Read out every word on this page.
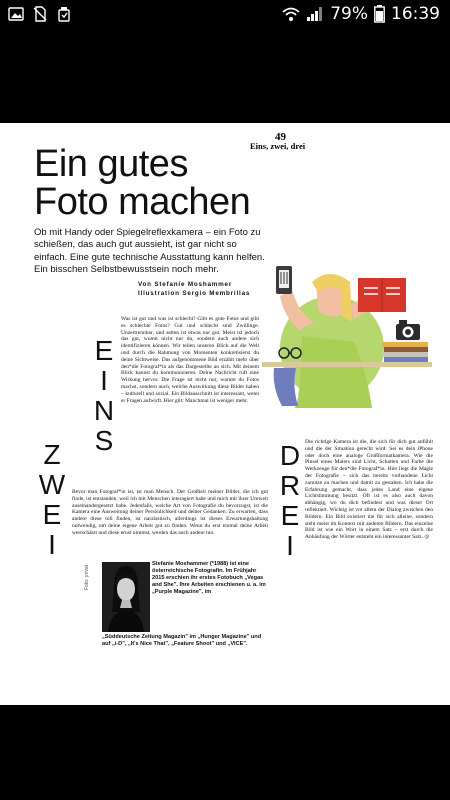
79% 16:39
49
Eins, zwei, drei
Ein gutes
Foto machen

Ob mit Handy oder Spiegelreflexkamera – ein Foto zu schießen, das auch gut aussieht, ist gar nicht so einfach. Eine gute technische Ausstattung kann helfen. Ein bisschen Selbstbewusstsein noch mehr.

Von Stefanie Moshammer
Illustration Sergio Membrillas
E
I
N
S
Z
W
E
I
D
R
E
I

Was ist gut und was ist schlecht? Gibt es gute Fotos und gibt es schlechte Fotos? Gut und schlecht sind Zwillinge. Unzertrennbar, und selten ist etwas nur gut. Meist ist jedoch das gut, womit nicht nur du, sondern auch andere sich identifizieren können. Wir teilen unseren Blick auf die Welt und durch die Rahmung von Momenten konkretisierst du deine Sichtweise. Das aufgenommene Bild erzählt mehr über den*die Fotograf*in als das Dargestellte an sich. Mit deinem Blick kannst du kommunizieren. Deine Nachricht ruft eine Wirkung hervor. Die Frage ist nicht nur, warum du Fotos machst, sondern auch, welche Auswirkung diese Bilder haben – kulturell und sozial. Ein Bildausschnitt ist interessant, wenn er Fragen aufwirft. Hier gilt: Manchmal ist weniger mehr.

Bevor man Fotograf*in ist, ist man Mensch. Der Großteil meiner Bilder, die ich gut finde, ist entstanden, weil ich mit Menschen interagiert habe und mich mit ihrer Umwelt auseinandergesetzt habe. Jedenfalls, welche Art von Fotografie du bevorzugst, ist die Kamera eine Ausweitung deiner Persönlichkeit und deiner Gedanken. Zu erwarten, dass andere diese toll finden, ist narzisstisch, allerdings ist dieses Erwartungshaltung notwendig, um deine eigene Arbeit gut zu finden. Wenn du erst einmal deine Arbeit wertschätzt und diese ernst nimmst, werden das auch andere tun.

Die richtige Kamera ist die, die sich für dich gut anfühlt und die der Situation gerecht wird. Sei es dein iPhone oder doch eine analoge Großformatkamera. Wie die Pinsel eines Malers sind Licht, Schatten und Farbe die Werkzeuge für den*die Fotograf*in. Hier liegt die Magie der Fotografie – sich das bereits vorhandene Licht zunutze zu machen und damit zu gestalten. Ich habe die Erfahrung gemacht, dass jedes Land eine eigene Lichtstimmung besitzt. Oft ist es also auch davon abhängig, wo du dich befindest und was dieser Ort reflektiert. Wichtig ist vor allem der Dialog zwischen den Bildern. Ein Bild existiert nie für sich alleine, sondern steht meist im Kontext mit anderen Bildern. Das einzelne Bild ist wie ein Wort in einem Satz – erst durch die Anhäufung der Wörter entsteht ein interessanter Satz. ◎

Foto: privat

Stefanie Moshammer (*1988) ist eine österreichische Fotografin. Im Frühjahr 2015 erschien ihr erstes Fotobuch „Vegas and She". Ihre Arbeiten erschienen u. a. im „Purple Magazine", im

„Süddeutsche Zeitung Magazin" im „Hunger Magazine" und auf „i-D", „It's Nice That", „Feature Shoot" und „VICE".
